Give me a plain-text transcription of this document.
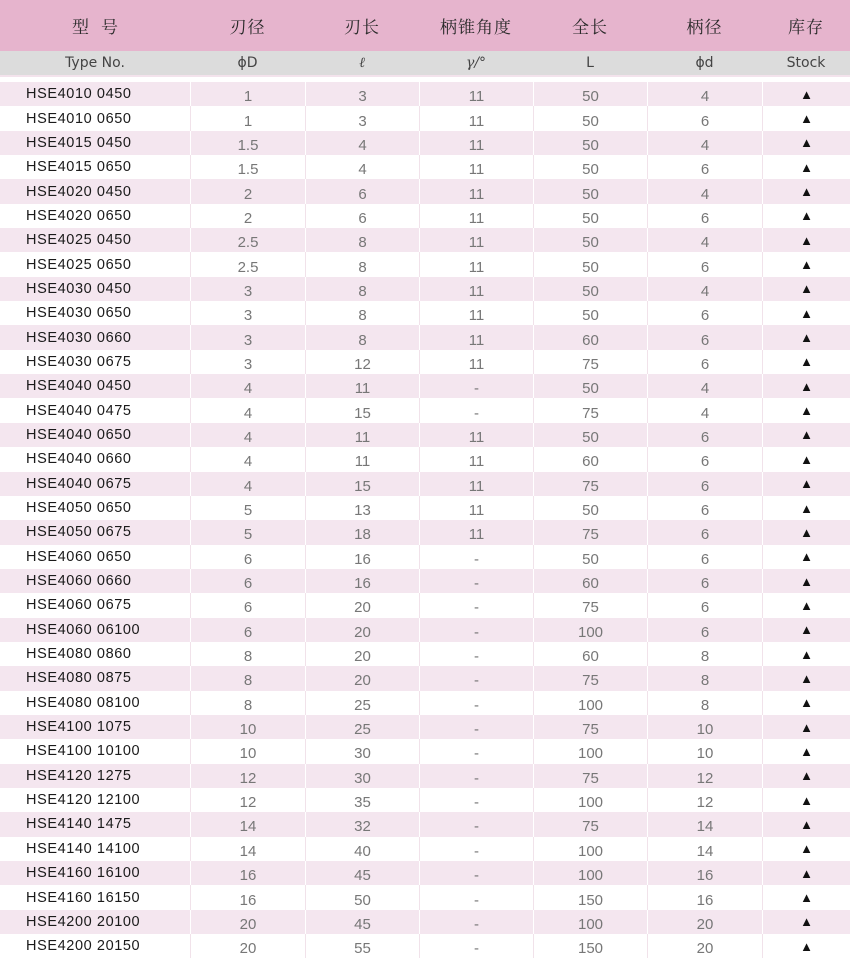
型号	刃径	刃长	柄锥角度	全长	柄径	库存
Type No.	ϕD	ℓ	γ/°	L	ϕd	Stock
HSE4010 0450	1	3	11	50	4	▲
HSE4010 0650	1	3	11	50	6	▲
HSE4015 0450	1.5	4	11	50	4	▲
HSE4015 0650	1.5	4	11	50	6	▲
HSE4020 0450	2	6	11	50	4	▲
HSE4020 0650	2	6	11	50	6	▲
HSE4025 0450	2.5	8	11	50	4	▲
HSE4025 0650	2.5	8	11	50	6	▲
HSE4030 0450	3	8	11	50	4	▲
HSE4030 0650	3	8	11	50	6	▲
HSE4030 0660	3	8	11	60	6	▲
HSE4030 0675	3	12	11	75	6	▲
HSE4040 0450	4	11	-	50	4	▲
HSE4040 0475	4	15	-	75	4	▲
HSE4040 0650	4	11	11	50	6	▲
HSE4040 0660	4	11	11	60	6	▲
HSE4040 0675	4	15	11	75	6	▲
HSE4050 0650	5	13	11	50	6	▲
HSE4050 0675	5	18	11	75	6	▲
HSE4060 0650	6	16	-	50	6	▲
HSE4060 0660	6	16	-	60	6	▲
HSE4060 0675	6	20	-	75	6	▲
HSE4060 06100	6	20	-	100	6	▲
HSE4080 0860	8	20	-	60	8	▲
HSE4080 0875	8	20	-	75	8	▲
HSE4080 08100	8	25	-	100	8	▲
HSE4100 1075	10	25	-	75	10	▲
HSE4100 10100	10	30	-	100	10	▲
HSE4120 1275	12	30	-	75	12	▲
HSE4120 12100	12	35	-	100	12	▲
HSE4140 1475	14	32	-	75	14	▲
HSE4140 14100	14	40	-	100	14	▲
HSE4160 16100	16	45	-	100	16	▲
HSE4160 16150	16	50	-	150	16	▲
HSE4200 20100	20	45	-	100	20	▲
HSE4200 20150	20	55	-	150	20	▲
